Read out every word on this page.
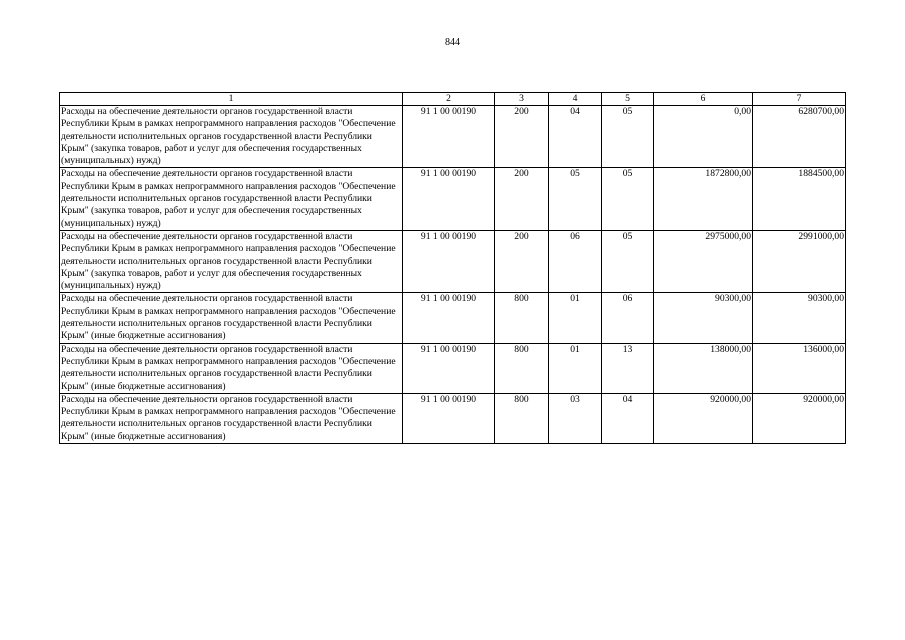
844
1	2	3	4	5	6	7
Расходы на обеспечение деятельности органов государственной власти Республики Крым в рамках непрограммного направления расходов "Обеспечение деятельности исполнительных органов государственной власти Республики Крым" (закупка товаров, работ и услуг для обеспечения государственных (муниципальных) нужд)	91 1 00 00190	200	04	05	0,00	6280700,00
Расходы на обеспечение деятельности органов государственной власти Республики Крым в рамках непрограммного направления расходов "Обеспечение деятельности исполнительных органов государственной власти Республики Крым" (закупка товаров, работ и услуг для обеспечения государственных (муниципальных) нужд)	91 1 00 00190	200	05	05	1872800,00	1884500,00
Расходы на обеспечение деятельности органов государственной власти Республики Крым в рамках непрограммного направления расходов "Обеспечение деятельности исполнительных органов государственной власти Республики Крым" (закупка товаров, работ и услуг для обеспечения государственных (муниципальных) нужд)	91 1 00 00190	200	06	05	2975000,00	2991000,00
Расходы на обеспечение деятельности органов государственной власти Республики Крым в рамках непрограммного направления расходов "Обеспечение деятельности исполнительных органов государственной власти Республики Крым" (иные бюджетные ассигнования)	91 1 00 00190	800	01	06	90300,00	90300,00
Расходы на обеспечение деятельности органов государственной власти Республики Крым в рамках непрограммного направления расходов "Обеспечение деятельности исполнительных органов государственной власти Республики Крым" (иные бюджетные ассигнования)	91 1 00 00190	800	01	13	138000,00	136000,00
Расходы на обеспечение деятельности органов государственной власти Республики Крым в рамках непрограммного направления расходов "Обеспечение деятельности исполнительных органов государственной власти Республики Крым" (иные бюджетные ассигнования)	91 1 00 00190	800	03	04	920000,00	920000,00
